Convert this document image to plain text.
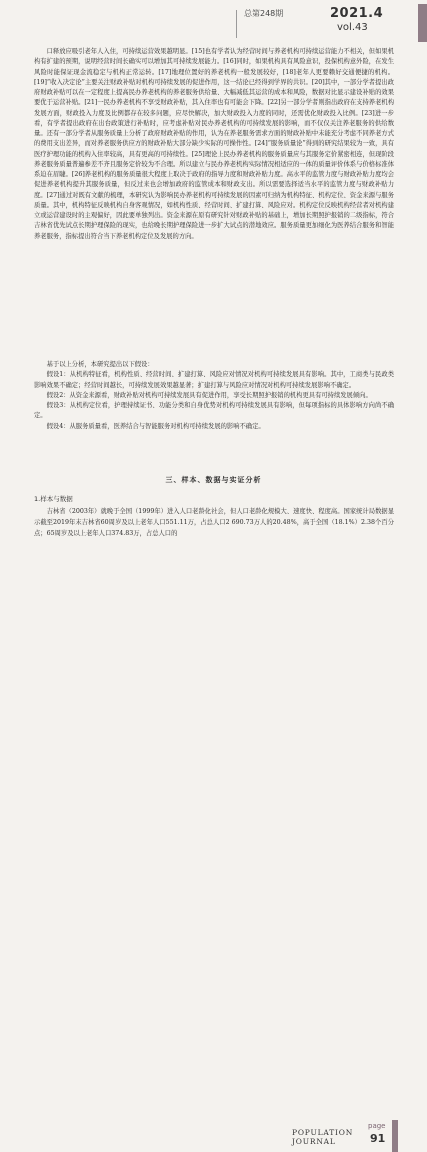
总第248期	2021.4
vol.43

口释放应吸引老年人入住，可持续运营效果越明显。[15]也有学者认为经营时间与养老机构可持续运营能力不相关，但如果机构有扩建的预期，说明经营时间长确实可以增加其可持续发展能力。[16]同时，如果机构具有风险意识，投保机构意外险，在发生风险时能保证现金流稳定与机构正常运转。[17]地理位置好的养老机构一般发展较好，[18]老年人更要赖好交通便捷的机构。[19]“收入决定论”主要关注财政补贴对机构可持续发展的促进作用，这一结论已经得到学界的共识。[20]其中，一部分学者提出政府财政补贴可以在一定程度上提高民办养老机构的养老服务供给量、大幅减低其运营的成本和风险，数据对比显示建设补贴的效果要优于运营补贴。[21]一民办养老机构不享受财政补贴，其入住率也有可能会下降。[22]另一部分学者则指出政府在支持养老机构发展方面，财政投入力度及比例都存在较多问题，应尽快解决，加大财政投入力度的同时，还需优化财政投入比例。[23]进一步看，有学者提出政府在出台政策进行补贴时，应考虑补贴对民办养老机构的可持续发展的影响，而不仅仅关注养老服务的供给数量。还有一部分学者从服务质量上分析了政府财政补贴的作用，认为在养老服务需求方面的财政补贴中未能充分考虑不同养老方式的费用支出差异，而对养老服务供应方的财政补贴大部分缺少实际的可操作性。[24]“服务质量论”得到的研究结果较为一致，具有医疗护理功能的机构入住率较高，具有更高的可持续性。[25]理论上民办养老机构的服务质量应与其服务定价紧密相连，但现阶段养老服务质量普遍参差不齐且服务定价较为不合理。所以建立与民办养老机构实际情况相适应的一体的质量评价体系与价格标准体系迫在眉睫。[26]养老机构的服务质量很大程度上取决于政府的指导力度和财政补贴力度。高水平的监管力度与财政补贴力度均会促进养老机构提升其服务质量，但反过来也会增加政府的监管成本和财政支出。所以需要选择适当水平的监管力度与财政补贴力度。[27]通过对既有文献的梳理，本研究认为影响民办养老机构可持续发展的因素可归纳为机构特征、机构定位、资金来源与服务质量。其中，机构特征反映机构自身客观情况，如机构性质、经营时间、扩建打算、风险应对。机构定位反映机构经营者对机构建立或运营建设时的主观偏好，因此要单独列出。资金来源在原有研究针对财政补贴的基础上，增加长期照护报销的二级指标，符合吉林省优先试点长期护理保险的现实，也给晚长期护理保险进一步扩大试点的潜地效应。服务质量更加细化为医养结合服务和智能养老服务，指标提出符合当下养老机构定位及发展的方向。

基于以上分析，本研究提出以下假设：

假设1：从机构特征看，机构性质、经营时间、扩建打算、风险应对情况对机构可持续发展具有影响。其中，工商类与民政类影响效果不确定；经营时间越长，可持续发展效果越显著；扩建打算与风险应对情况对机构可持续发展影响不确定。

假设2：从资金来源看，财政补贴对机构可持续发展具有促进作用，享受长期照护报销的机构更具有可持续发展倾向。

假设3：从机构定位看，护理持续证书、功能分类和自身优势对机构可持续发展具有影响，但每项指标的具体影响方向尚不确定。

假设4：从服务质量看，医养结合与智能服务对机构可持续发展的影响不确定。

三、样本、数据与实证分析
1.样本与数据

吉林省（2003年）就晚于全国（1999年）进入人口老龄化社会，但人口老龄化规模大、速度快、程度高。国家统计局数据显示截至2019年末吉林省60周岁及以上老年人口551.11万，占总人口2 690.73万人的20.48%，高于全国（18.1%）2.38个百分点；65周岁及以上老年人口374.83万，占总人口的

POPULATION
JOURNAL
page
91
